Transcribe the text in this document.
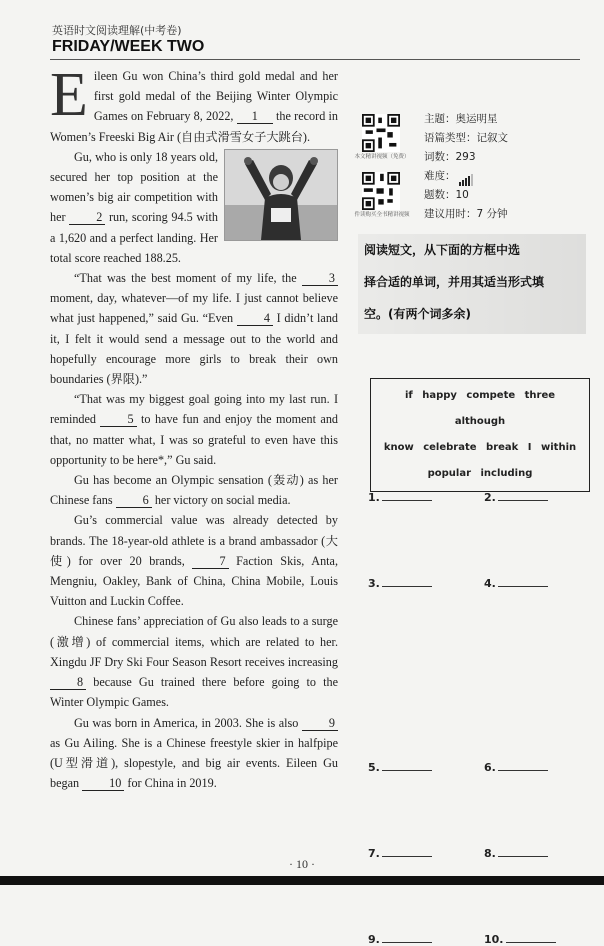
英语时文阅读理解(中考卷)
FRIDAY/WEEK TWO

E ileen Gu won China’s third gold medal and her first gold medal of the Beijing Winter Olympic Games on February 8, 2022, 1 the record in Women’s Freeski Big Air (自由式滑雪女子大跳台).

Gu, who is only 18 years old, secured her top position at the women’s big air competition with her	2 run, scoring 94.5 with a 1,620 and a perfect landing. Her total score reached 188.25.

“That was the best moment of my life, the	3 moment, day, whatever—of my life. I just cannot believe what just happened,” said Gu. “Even	4 I didn’t land it, I felt it would send a message out to the world and hopefully encourage more girls to break their own boundaries (界限).”

“That was my biggest goal going into my last run. I reminded	5 to have fun and enjoy the moment and that, no matter what, I was so grateful to even have this opportunity to be here*,” Gu said.

Gu has become an Olympic sensation (轰动) as her Chinese fans 6 her victory on social media.

Gu’s commercial value was already detected by brands. The 18-year-old athlete is a brand ambassador (大使) for over 20 brands,	7 Faction Skis, Anta, Mengniu, Oakley, Bank of China, China Mobile, Louis Vuitton and Luckin Coffee.

Chinese fans’ appreciation of Gu also leads to a surge (激增) of commercial items, which are related to her. Xingdu JF Dry Ski Four Season Resort receives increasing 8 because Gu trained there before going to the Winter Olympic Games.

Gu was born in America, in 2003. She is also	9 as Gu Ailing. She is a Chinese freestyle skier in halfpipe (U型滑道), slopestyle, and big air events. Eileen Gu began 10 for China in 2019.

本文精讲视频（免费）
件读购买全书精讲视频
主题：奥运明星
语篇类型：记叙文
词数：293
难度：
题数：10
建议用时：7 分钟
阅读短文，从下面的方框中选
择合适的单词，并用其适当形式填
空。(有两个词多余)
if happy compete three although
know celebrate break I within
popular including
1.	2.
3.	4.
5.	6.
7.	8.
9.	10.
· 10 ·
